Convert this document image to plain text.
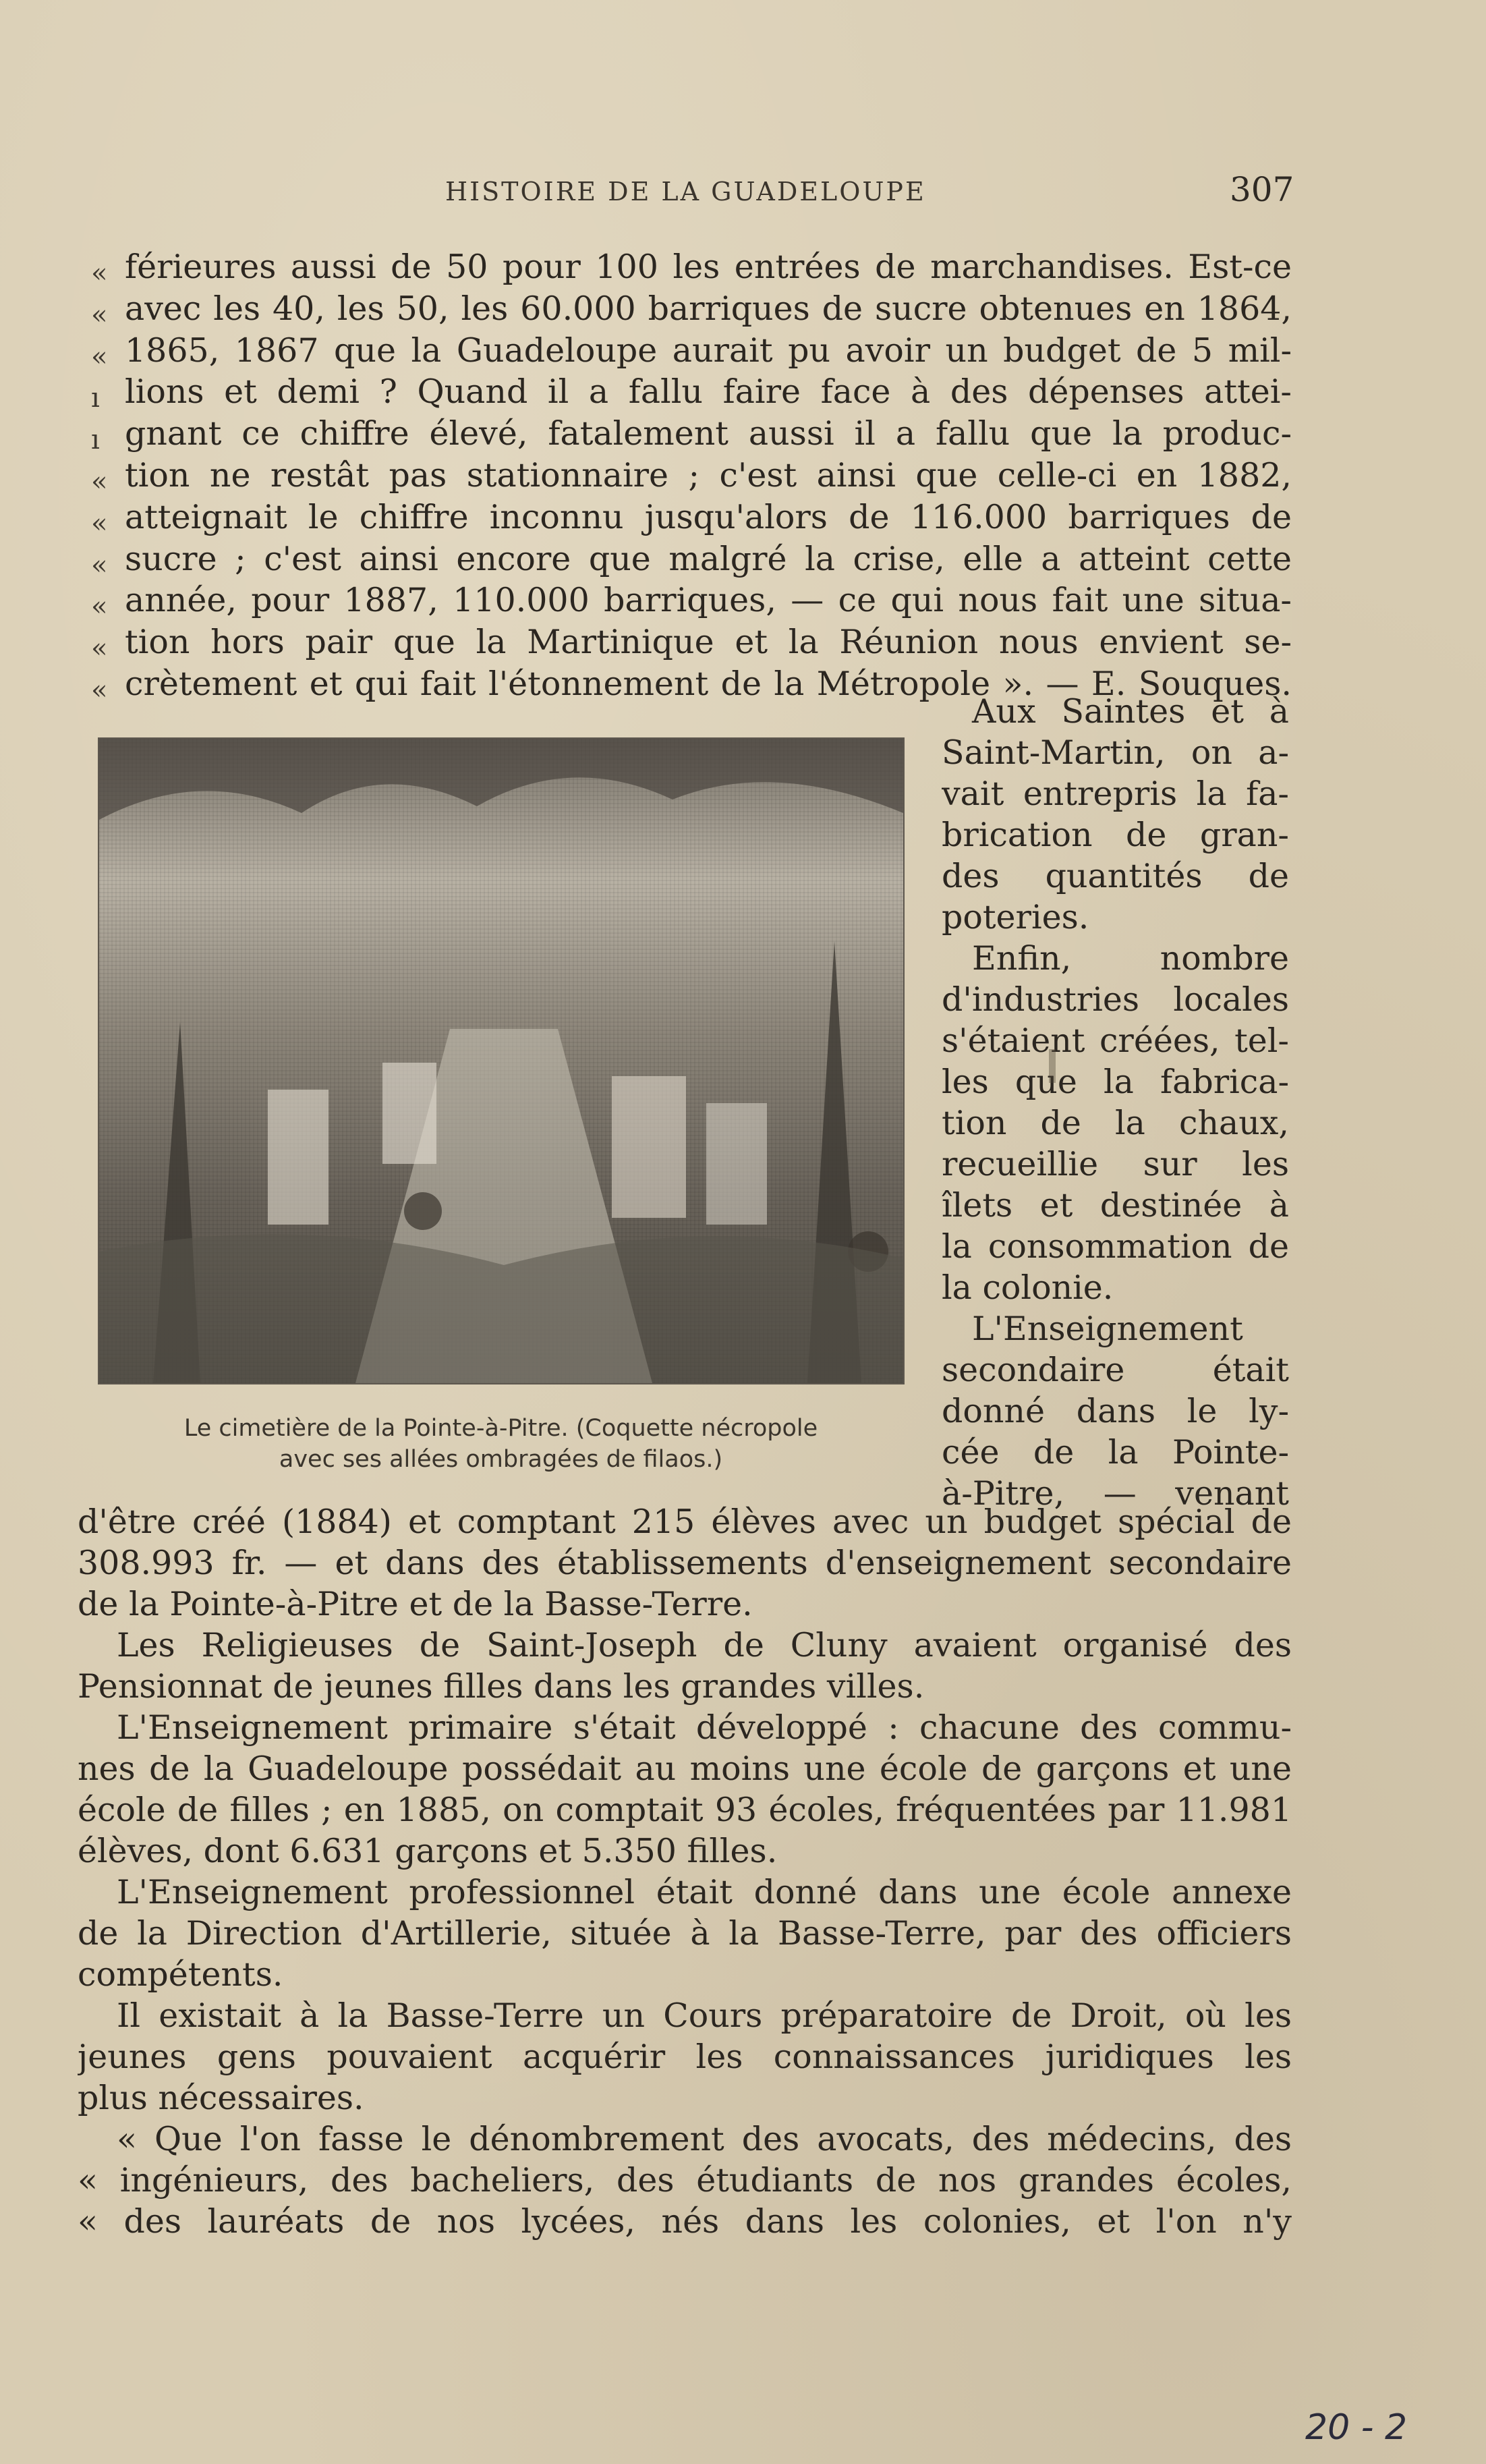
HISTOIRE DE LA GUADELOUPE	307
«
«
«
ı
ı
«
«
«
«
«
«
férieures aussi de 50 pour 100 les entrées de marchandises. Est-ce
avec les 40, les 50, les 60.000 barriques de sucre obtenues en 1864,
1865, 1867 que la Guadeloupe aurait pu avoir un budget de 5 mil-
lions et demi ? Quand il a fallu faire face à des dépenses attei-
gnant ce chiffre élevé, fatalement aussi il a fallu que la produc-
tion ne restât pas stationnaire ; c'est ainsi que celle-ci en 1882,
atteignait le chiffre inconnu jusqu'alors de 116.000 barriques de
sucre ; c'est ainsi encore que malgré la crise, elle a atteint cette
année, pour 1887, 110.000 barriques, — ce qui nous fait une situa-
tion hors pair que la Martinique et la Réunion nous envient se-
crètement et qui fait l'étonnement de la Métropole ». — E. Souques.
Le cimetière de la Pointe-à-Pitre. (Coquette nécropole
avec ses allées ombragées de filaos.)
Aux Saintes et à
Saint-Martin, on a-
vait entrepris la fa-
brication de gran-
des quantités de
poteries.
Enfin, nombre
d'industries locales
s'étaient créées, tel-
les que la fabrica-
tion de la chaux,
recueillie sur les
îlets et destinée à
la consommation de
la colonie.
L'Enseignement
secondaire était
donné dans le ly-
cée de la Pointe-
à-Pitre, — venant
d'être créé (1884) et comptant 215 élèves avec un budget spécial de
308.993 fr. — et dans des établissements d'enseignement secondaire
de la Pointe-à-Pitre et de la Basse-Terre.
Les Religieuses de Saint-Joseph de Cluny avaient organisé des
Pensionnat de jeunes filles dans les grandes villes.
L'Enseignement primaire s'était développé : chacune des commu-
nes de la Guadeloupe possédait au moins une école de garçons et une
école de filles ; en 1885, on comptait 93 écoles, fréquentées par 11.981
élèves, dont 6.631 garçons et 5.350 filles.
L'Enseignement professionnel était donné dans une école annexe
de la Direction d'Artillerie, située à la Basse-Terre, par des officiers
compétents.
Il existait à la Basse-Terre un Cours préparatoire de Droit, où les
jeunes gens pouvaient acquérir les connaissances juridiques les
plus nécessaires.
« Que l'on fasse le dénombrement des avocats, des médecins, des
« ingénieurs, des bacheliers, des étudiants de nos grandes écoles,
« des lauréats de nos lycées, nés dans les colonies, et l'on n'y
20 - 2
